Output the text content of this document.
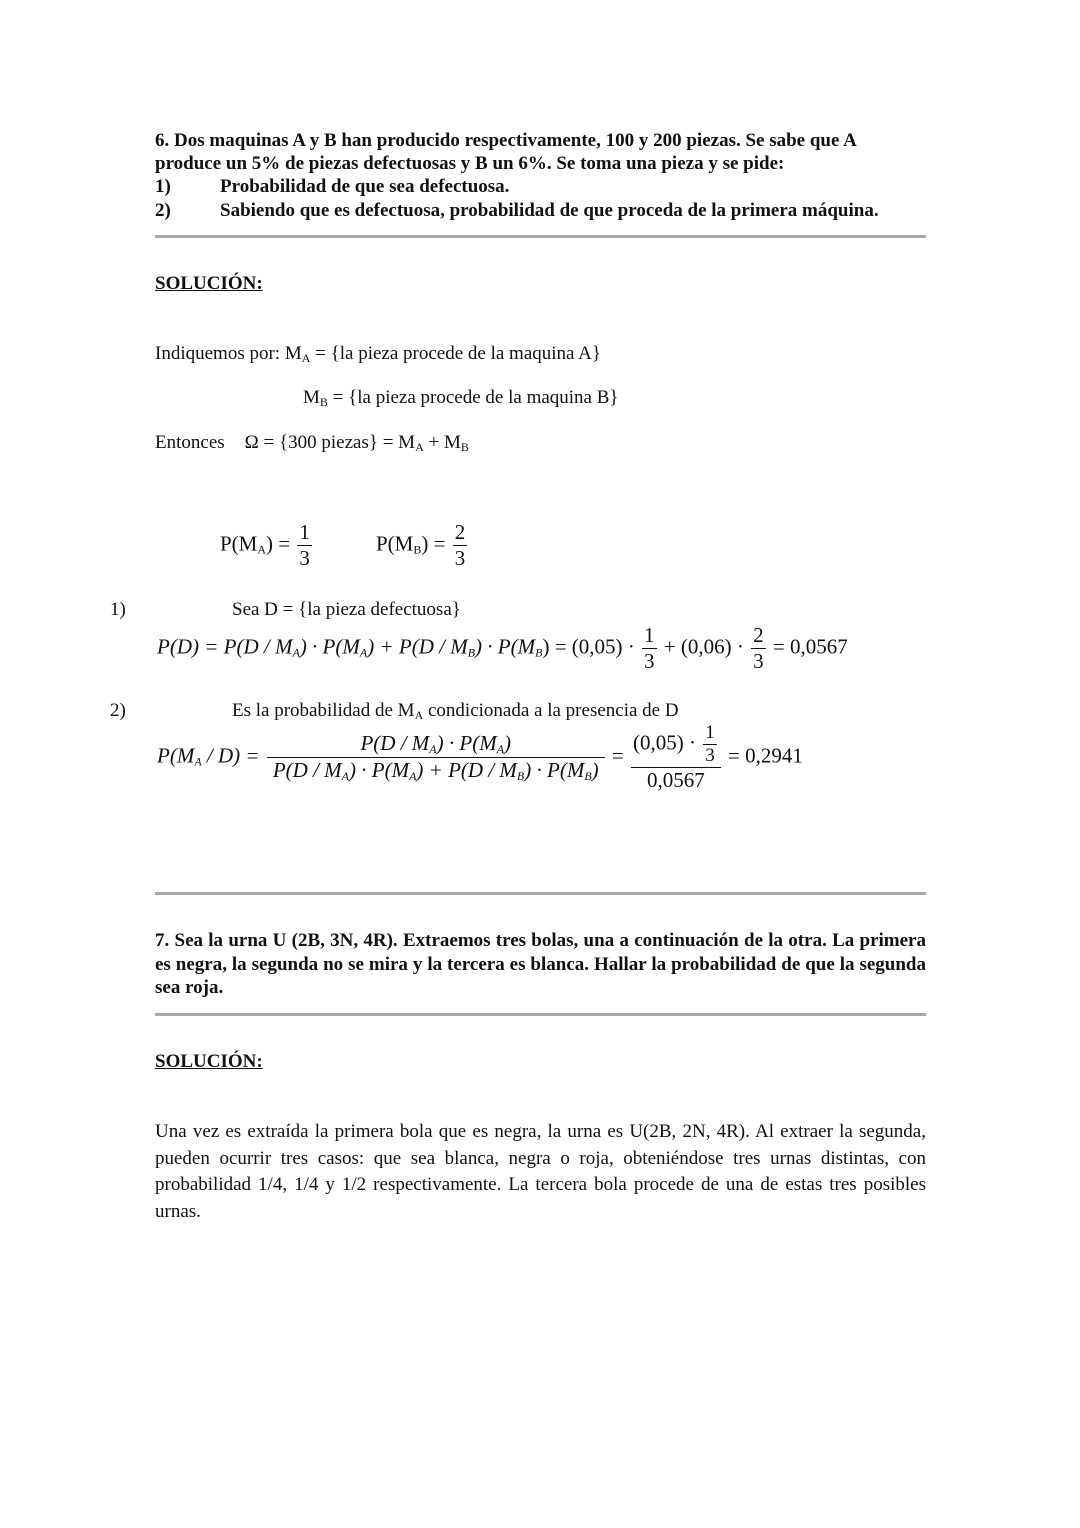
6. Dos maquinas A y B han producido respectivamente, 100 y 200 piezas. Se sabe que A
produce un 5% de piezas defectuosas y B un 6%. Se toma una pieza y se pide:
1)	Probabilidad de que sea defectuosa.
2)	Sabiendo que es defectuosa, probabilidad de que proceda de la primera máquina.
SOLUCIÓN:
Indiquemos por: $M_A = \{la$ pieza procede de la maquina A}
$M_B = \{la$ pieza procede de la maquina B}
Entonces Ω = {300 piezas} = $M_A + M_B$
$P(M_A) = \frac{1}{3}$	$P(M_B) = \frac{2}{3}$
1)	Sea D = {la pieza defectuosa}
$P(D) = P(D / M_A) \cdot P(M_A) + P(D / M_B) \cdot P(M_B) = (0,05) \cdot \frac{1}{3} + (0,06) \cdot \frac{2}{3} = 0,0567$
2)	Es la probabilidad de $M_A$ condicionada a la presencia de D
$P(M_A / D) = \frac{P(D / M_A) \cdot P(M_A)}{P(D / M_A) \cdot P(M_A) + P(D / M_B) \cdot P(M_B)} = \frac{(0,05) \cdot \frac{1}{3}}{0,0567} = 0,2941$
7. Sea la urna U (2B, 3N, 4R). Extraemos tres bolas, una a continuación de la otra. La primera es negra, la segunda no se mira y la tercera es blanca. Hallar la probabilidad de que la segunda sea roja.
SOLUCIÓN:
Una vez es extraída la primera bola que es negra, la urna es U(2B, 2N, 4R). Al extraer la segunda, pueden ocurrir tres casos: que sea blanca, negra o roja, obteniéndose tres urnas distintas, con probabilidad 1/4, 1/4 y 1/2 respectivamente. La tercera bola procede de una de estas tres posibles urnas.
